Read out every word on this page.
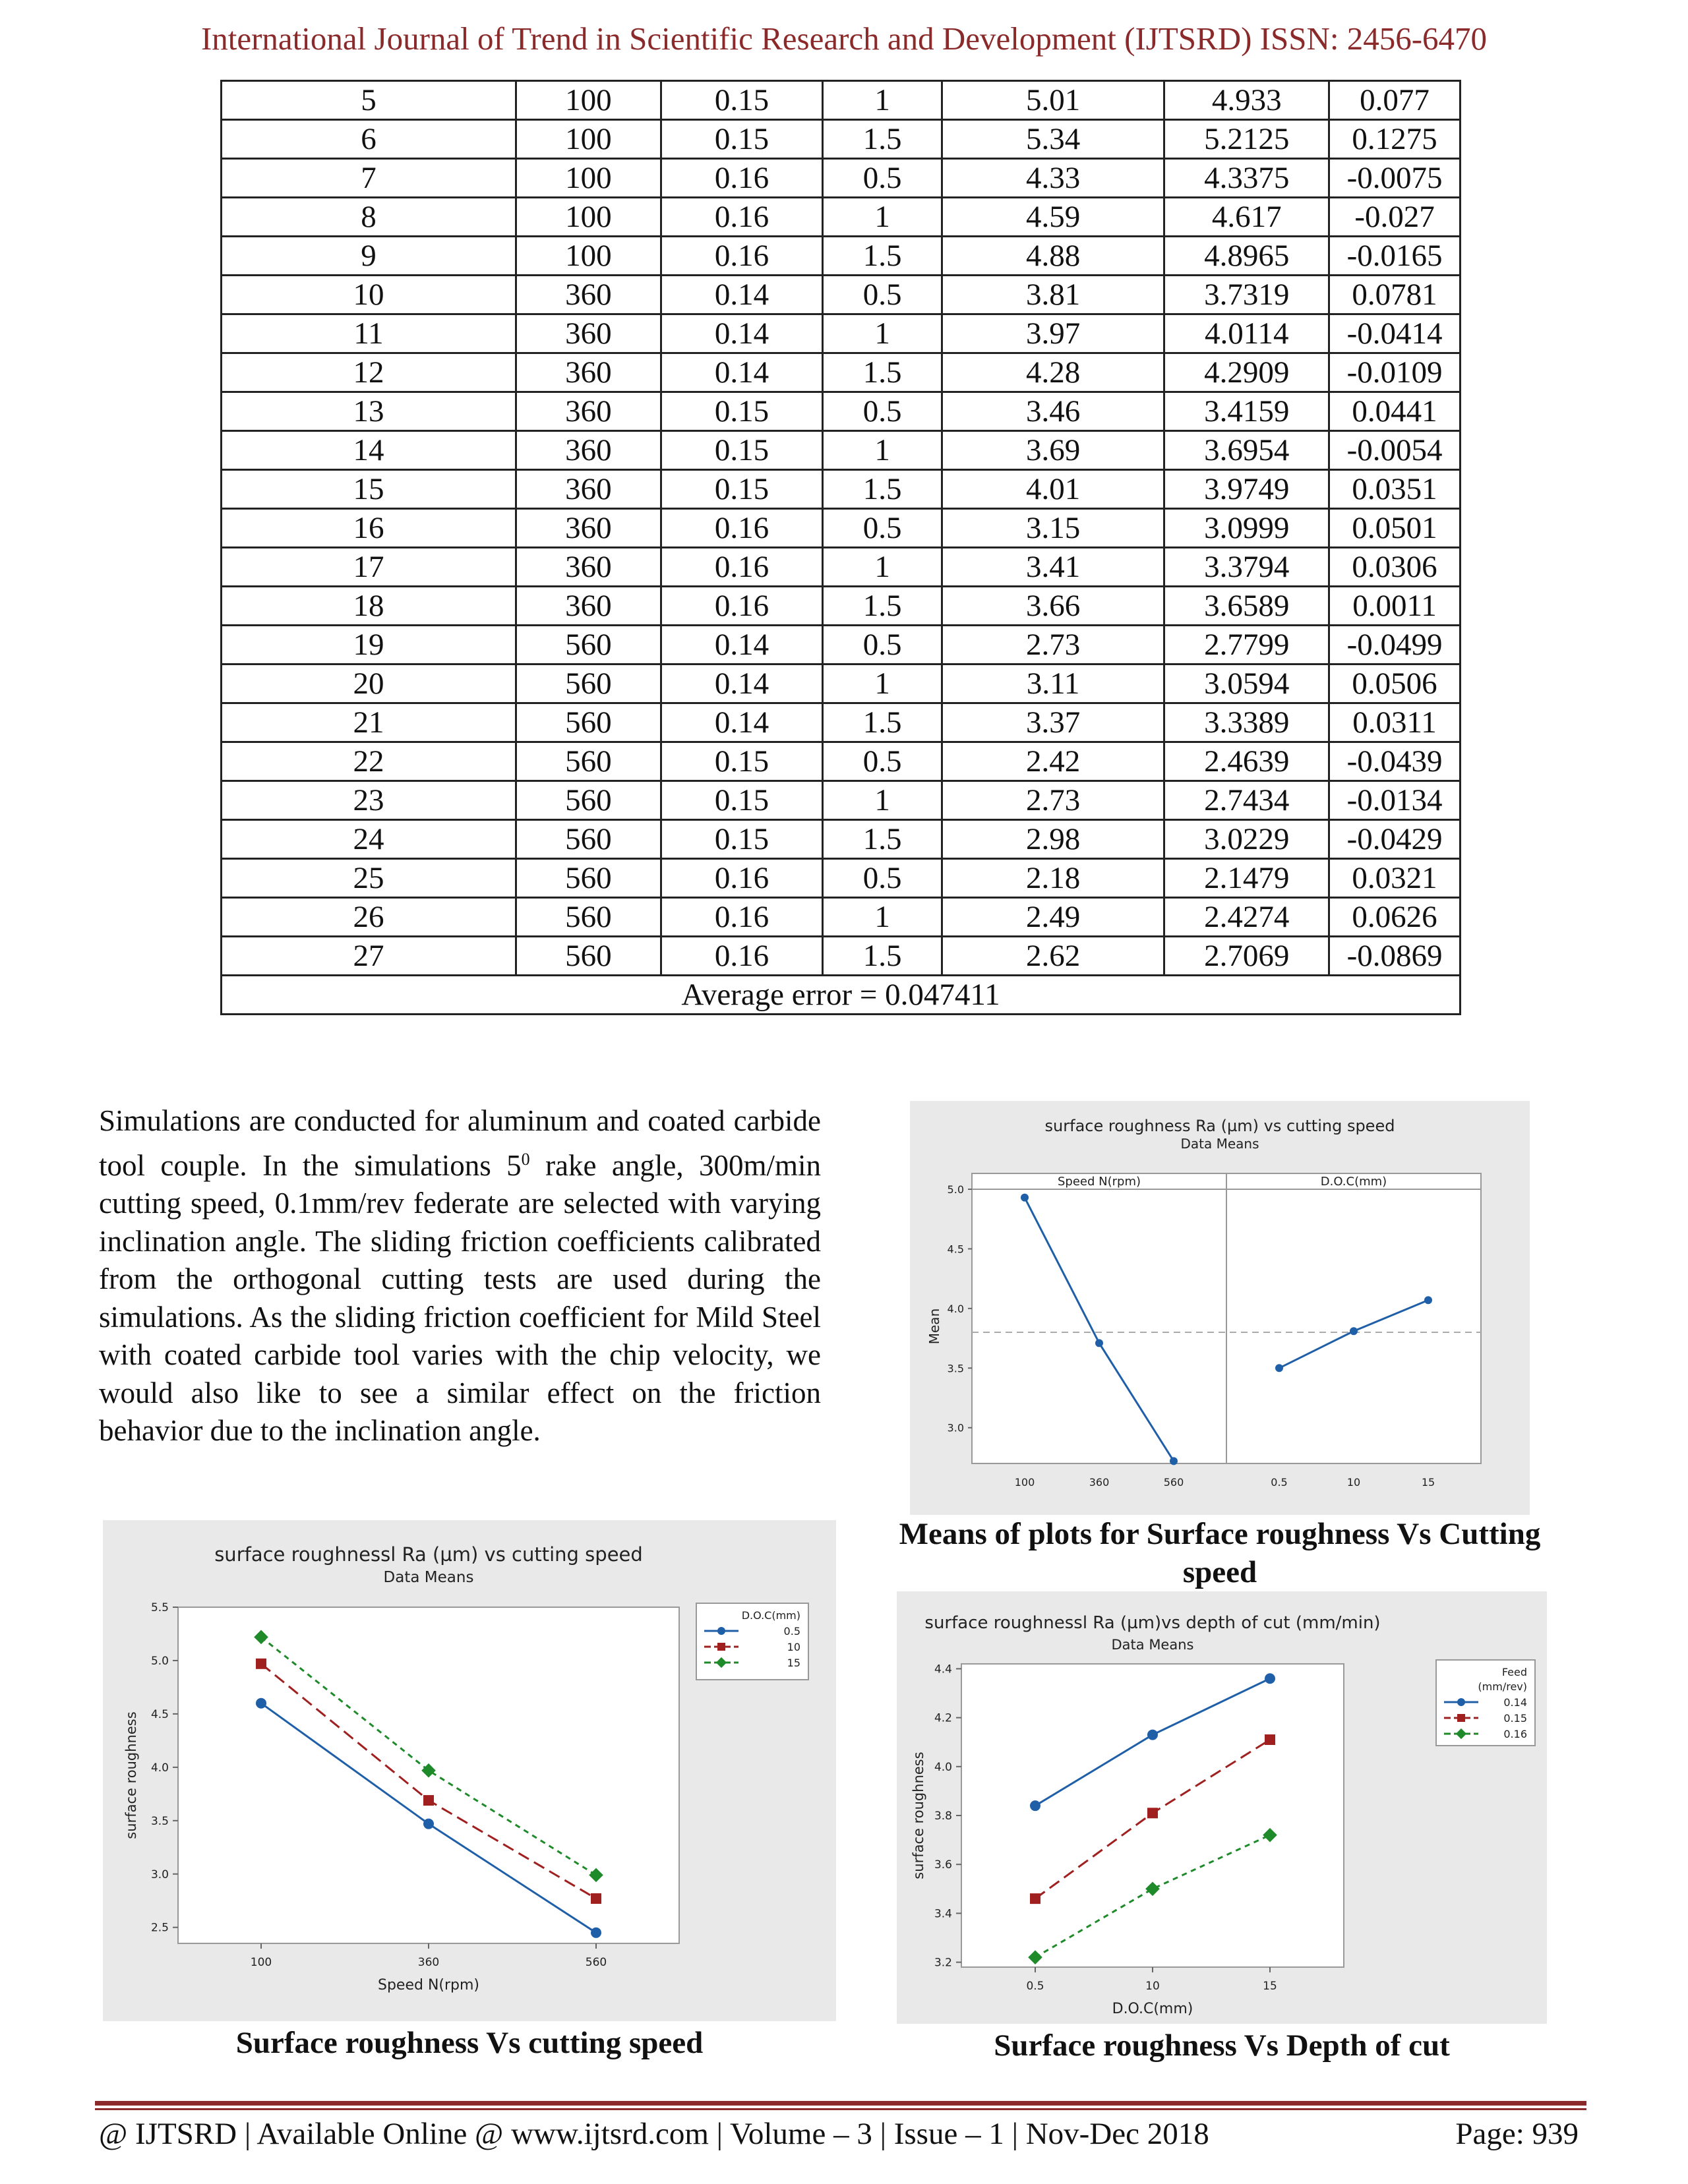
International Journal of Trend in Scientific Research and Development (IJTSRD) ISSN: 2456-6470
5	100	0.15	1	5.01	4.933	0.077
6	100	0.15	1.5	5.34	5.2125	0.1275
7	100	0.16	0.5	4.33	4.3375	-0.0075
8	100	0.16	1	4.59	4.617	-0.027
9	100	0.16	1.5	4.88	4.8965	-0.0165
10	360	0.14	0.5	3.81	3.7319	0.0781
11	360	0.14	1	3.97	4.0114	-0.0414
12	360	0.14	1.5	4.28	4.2909	-0.0109
13	360	0.15	0.5	3.46	3.4159	0.0441
14	360	0.15	1	3.69	3.6954	-0.0054
15	360	0.15	1.5	4.01	3.9749	0.0351
16	360	0.16	0.5	3.15	3.0999	0.0501
17	360	0.16	1	3.41	3.3794	0.0306
18	360	0.16	1.5	3.66	3.6589	0.0011
19	560	0.14	0.5	2.73	2.7799	-0.0499
20	560	0.14	1	3.11	3.0594	0.0506
21	560	0.14	1.5	3.37	3.3389	0.0311
22	560	0.15	0.5	2.42	2.4639	-0.0439
23	560	0.15	1	2.73	2.7434	-0.0134
24	560	0.15	1.5	2.98	3.0229	-0.0429
25	560	0.16	0.5	2.18	2.1479	0.0321
26	560	0.16	1	2.49	2.4274	0.0626
27	560	0.16	1.5	2.62	2.7069	-0.0869
Average error = 0.047411						
Simulations are conducted for aluminum and coated carbide tool couple. In the simulations $5^0$ rake angle, 300m/min cutting speed, 0.1mm/rev federate are selected with varying inclination angle. The sliding friction coefficients calibrated from the orthogonal cutting tests are used during the simulations. As the sliding friction coefficient for Mild Steel with coated carbide tool varies with the chip velocity, we would also like to see a similar effect on the friction behavior due to the inclination angle.
surface roughness Ra (µm) vs cutting speed
Data Means
3.0
3.5
4.0
4.5
5.0
Mean
Speed N(rpm)
100	360	560
D.O.C(mm)
0.5	10	15
Means of plots for Surface roughness Vs Cutting speed
surface roughnessl Ra (µm) vs cutting speed
Data Means
2.5
3.0
3.5
4.0
4.5
5.0
5.5
surface roughness
Speed N(rpm)
100	360	560
D.O.C(mm)
0.5
10
15
Surface roughness Vs cutting speed
surface roughnessl Ra (µm)vs depth of cut (mm/min)
Data Means
3.2
3.4
3.6
3.8
4.0
4.2
4.4
surface roughness
D.O.C(mm)
0.5	10	15
Feed
(mm/rev)
0.14
0.15
0.16
Surface roughness Vs Depth of cut
@ IJTSRD | Available Online @ www.ijtsrd.com | Volume – 3 | Issue – 1 | Nov-Dec 2018	Page: 939
